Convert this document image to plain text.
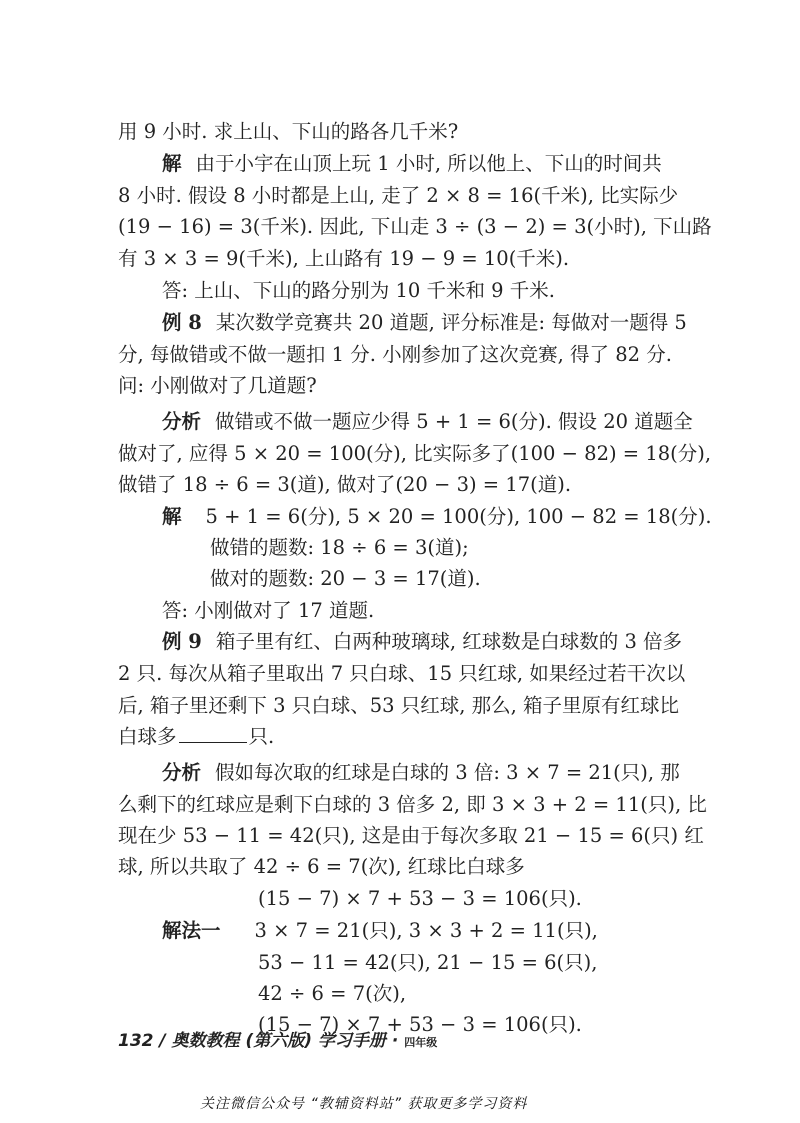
用 9 小时. 求上山、下山的路各几千米?
解 由于小宇在山顶上玩 1 小时, 所以他上、下山的时间共
8 小时. 假设 8 小时都是上山, 走了 2 × 8 = 16(千米), 比实际少
(19 − 16) = 3(千米). 因此, 下山走 3 ÷ (3 − 2) = 3(小时), 下山路
有 3 × 3 = 9(千米), 上山路有 19 − 9 = 10(千米).
答: 上山、下山的路分别为 10 千米和 9 千米.
例 8 某次数学竞赛共 20 道题, 评分标准是: 每做对一题得 5
分, 每做错或不做一题扣 1 分. 小刚参加了这次竞赛, 得了 82 分.
问: 小刚做对了几道题?
分析 做错或不做一题应少得 5 + 1 = 6(分). 假设 20 道题全
做对了, 应得 5 × 20 = 100(分), 比实际多了(100 − 82) = 18(分),
做错了 18 ÷ 6 = 3(道), 做对了(20 − 3) = 17(道).
解 5 + 1 = 6(分), 5 × 20 = 100(分), 100 − 82 = 18(分).
做错的题数: 18 ÷ 6 = 3(道);
做对的题数: 20 − 3 = 17(道).
答: 小刚做对了 17 道题.
例 9 箱子里有红、白两种玻璃球, 红球数是白球数的 3 倍多
2 只. 每次从箱子里取出 7 只白球、15 只红球, 如果经过若干次以
后, 箱子里还剩下 3 只白球、53 只红球, 那么, 箱子里原有红球比
白球多	只.
分析 假如每次取的红球是白球的 3 倍: 3 × 7 = 21(只), 那
么剩下的红球应是剩下白球的 3 倍多 2, 即 3 × 3 + 2 = 11(只), 比
现在少 53 − 11 = 42(只), 这是由于每次多取 21 − 15 = 6(只) 红
球, 所以共取了 42 ÷ 6 = 7(次), 红球比白球多
(15 − 7) × 7 + 53 − 3 = 106(只).
解法一 3 × 7 = 21(只), 3 × 3 + 2 = 11(只),
53 − 11 = 42(只), 21 − 15 = 6(只),
42 ÷ 6 = 7(次),
(15 − 7) × 7 + 53 − 3 = 106(只).
132 / 奥数教程 (第六版) 学习手册 · 四年级
关注微信公众号 “教辅资料站” 获取更多学习资料
